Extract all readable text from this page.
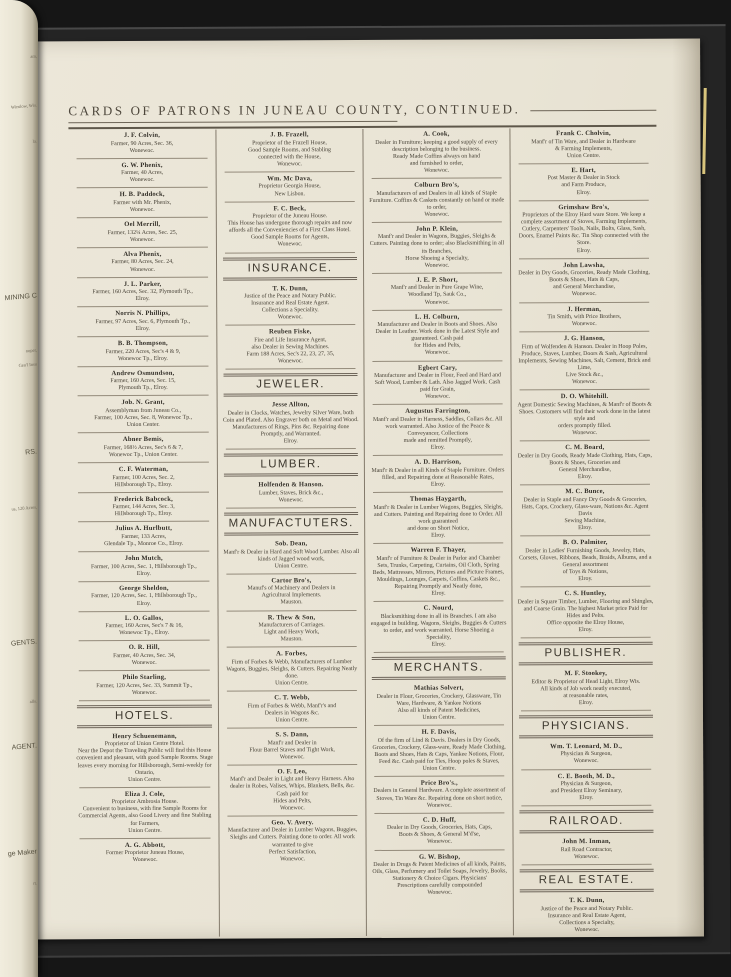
CARDS OF PATRONS IN JUNEAU COUNTY, CONTINUED.
J. F. Colvin,
Farmer, 90 Acres, Sec. 36,
Wonewoc.
G. W. Phenix,
Farmer, 40 Acres,
Wonewoc.
H. B. Paddock,
Farmer with Mr. Phenix,
Wonewoc.
Oel Merrill,
Farmer, 132¼ Acres, Sec. 25,
Wonewoc.
Alva Phenix,
Farmer, 80 Acres, Sec. 24,
Wonewoc.
J. L. Parker,
Farmer, 160 Acres, Sec. 32, Plymouth Tp.,
Elroy.
Norris N. Phillips,
Farmer, 97 Acres, Sec. 6, Plymouth Tp.,
Elroy.
B. B. Thompson,
Farmer, 220 Acres, Sec's 4 & 9,
Wonewoc Tp., Elroy.
Andrew Osmundson,
Farmer, 160 Acres, Sec. 15,
Plymouth Tp., Elroy.
Job. N. Grant,
Assemblyman from Juneau Co.,
Farmer, 100 Acres, Sec. 8, Wonewoc Tp.,
Union Center.
Abner Bemis,
Farmer, 168½ Acres, Sec's 6 & 7,
Wonewoc Tp., Union Center.
C. F. Waterman,
Farmer, 100 Acres, Sec. 2,
Hillsborough Tp., Elroy.
Frederick Babcock,
Farmer, 144 Acres, Sec. 3,
Hillsborough Tp., Elroy.
Julius A. Hurlbutt,
Farmer, 133 Acres,
Glendale Tp., Monroe Co., Elroy.
John Mutch,
Farmer, 100 Acres, Sec. 1, Hillsborough Tp.,
Elroy.
George Sheldon,
Farmer, 120 Acres, Sec. 1, Hillsborough Tp.,
Elroy.
L. O. Gallos,
Farmer, 160 Acres, Sec's 7 & 16,
Wonewoc Tp., Elroy.
O. R. Hill,
Farmer, 40 Acres, Sec. 34,
Wonewoc.
Philo Starling,
Farmer, 120 Acres, Sec. 33, Summit Tp.,
Wonewoc.
HOTELS.
Henry Schuenemann,
Proprietor of Union Centre Hotel.
Near the Depot the Traveling Public will find this House convenient and pleasant, with good Sample Rooms. Stage leaves every morning for Hillsborough, Semi-weekly for Ontario,
Union Centre.
Eliza J. Cole,
Proprietor Ambrosia House.
Convenient to business, with fine Sample Rooms for Commercial Agents, also Good Livery and fine Stabling for Farmers,
Union Centre.
A. G. Abbott,
Former Proprietor Juneau House,
Wonewoc.
J. B. Frazell,
Proprietor of the Frazell House,
Good Sample Rooms, and Stabling
connected with the House,
Wonewoc.
Wm. Mc Dava,
Proprietor Georgia House,
New Lisbon.
F. C. Beck,
Proprietor of the Juneau House.
This House has undergone thorough repairs and now affords all the Conveniencies of a First Class Hotel. Good Sample Rooms for Agents,
Wonewoc.
INSURANCE.
T. K. Dunn,
Justice of the Peace and Notary Public.
Insurance and Real Estate Agent.
Collections a Speciality.
Wonewoc.
Reuben Fiske,
Fire and Life Insurance Agent,
also Dealer in Sewing Machines.
Farm 188 Acres, Sec's 22, 23, 27, 35,
Wonewoc.
JEWELER.
Jesse Allton,
Dealer in Clocks, Watches, Jewelry Silver Ware, both Coin and Plated. Also Engraver both on Metal and Wood. Manufacturers of Rings, Pins &c. Repairing done Promptly, and Warranted.
Elroy.
LUMBER.
Holfenden & Hanson.
Lumber, Staves, Brick &c.,
Wonewoc.
MANUFACTUTERS.
Sob. Dean,
Manf'r & Dealer in Hard and Soft Wood Lumber. Also all kinds of Jagged wood work,
Union Centre.
Cartor Bro's,
Manuf's of Machinery and Dealers in
Agricultural Implements.
Mauston.
R. Thew & Son,
Manufacturers of Carriages.
Light and Heavy Work,
Mauston.
A. Forbes,
Firm of Forbes & Webb, Manufacturers of Lumber Wagons, Buggies, Sleighs, & Cutters. Repairing Neatly done.
Union Centre.
C. T. Webb,
Firm of Forbes & Webb, Manf'r's and
Dealers in Wagons &c.
Union Centre.
S. S. Dann,
Manf'r and Dealer in
Flour Barrel Staves and Tight Work,
Wonewoc.
O. F. Leo,
Manf'r and Dealer in Light and Heavy Harness. Also dealer in Robes, Valises, Whips, Blankets, Bells, &c. Cash paid for
Hides and Pelts,
Wonewoc.
Geo. V. Avery.
Manufacturer and Dealer in Lumber Wagons, Buggies, Sleighs and Cutters. Painting done to order. All work warranted to give
Perfect Satisfaction,
Wonewoc.
A. Cook,
Dealer in Furniture; keeping a good supply of every description belonging to the business.
Ready Made Coffins always on hand
and furnished to order,
Wonewoc.
Colburn Bro's,
Manufacturers of and Dealers in all kinds of Staple Furniture. Coffins & Caskets constantly on hand or made to order,
Wonewoc.
John P. Klein,
Manf'r and Dealer in Wagons, Buggies, Sleighs & Cutters. Painting done to order; also Blacksmithing in all its Branches,
Horse Shoeing a Specialty,
Wonewoc.
J. E. P. Short,
Manf'r and Dealer in Pure Grape Wine,
Woodland Tp, Sauk Co.,
Wonewoc.
L. H. Colburn,
Manufacturer and Dealer in Boots and Shoes. Also Dealer in Leather. Work done in the Latest Style and guaranteed. Cash paid
for Hides and Pelts,
Wonewoc.
Egbert Cary,
Manufacturer and Dealer in Flour, Feed and Hard and Soft Wood, Lumber & Lath. Also Jagged Work. Cash paid for Grain,
Wonewoc.
Augustus Farrington,
Manf'r and Dealer in Harness, Saddles, Collars &c. All work warranted. Also Justice of the Peace & Conveyancer, Collections
made and remitted Promptly,
Elroy.
A. D. Harrison,
Manf'r & Dealer in all Kinds of Staple Furniture. Orders filled, and Repairing done at Reasonable Rates,
Elroy.
Thomas Haygarth,
Manf'r & Dealer in Lumber Wagons, Buggies, Sleighs, and Cutters. Painting and Repairing done to Order. All work guaranteed
and done on Short Notice,
Elroy.
Warren F. Thayer,
Manf'r of Furniture & Dealer in Parlor and Chamber Sets, Trunks, Carpeting, Curtains, Oil Cloth, Spring Beds, Mattresses, Mirrors, Pictures and Picture Frames, Mouldings, Lounges, Carpets, Coffins, Caskets &c.,
Repairing Promptly and Neatly done,
Elroy.
C. Nourd,
Blacksmithing done in all its Branches. I am also engaged in building. Wagons, Sleighs, Buggies & Cutters to order, and work warranted. Horse Shoeing a Speciality,
Elroy.
MERCHANTS.
Mathias Solvert,
Dealer in Flour, Groceries, Crockery, Glassware, Tin Ware, Hardware, & Yankee Notions
Also all kinds of Patent Medicines,
Union Centre.
H. F. Davis,
Of the firm of Lind & Davis. Dealers in Dry Goods, Groceries, Crockery, Glass-ware, Ready Made Clothing, Boots and Shoes, Hats & Caps, Yankee Notions, Flour, Feed &c. Cash paid for Ties, Hoop poles & Staves,
Union Centre.
Price Bro's.,
Dealers in General Hardware. A complete assortment of Stoves, Tin Ware &c. Repairing done on short notice,
Wonewoc.
C. D. Huff,
Dealer in Dry Goods, Groceries, Hats, Caps,
Boots & Shoes, & General M'd'se,
Wonewoc.
G. W. Bishop,
Dealer in Drugs & Patent Medicines of all kinds, Paints, Oils, Glass, Perfumery and Toilet Soaps, Jewelry, Books, Stationery & Choice Cigars. Physicians'
Prescriptions carefully compounded
Wonewoc.
Frank C. Cholvin,
Manf'r of Tin Ware, and Dealer in Hardware
& Farming Implements,
Union Centre.
E. Hart,
Post Master & Dealer in Stock
and Farm Produce,
Elroy.
Grimshaw Bro's,
Proprietors of the Elroy Hard ware Store. We keep a complete assortment of Stoves, Farming Implements, Cutlery, Carpenters' Tools, Nails, Bolts, Glass, Sash, Doors, Enamel Paints &c. Tin Shop connected with the Store.
Elroy.
John Lawsha,
Dealer in Dry Goods, Groceries, Ready Made Clothing, Boots & Shoes, Hats & Caps,
and General Merchandise,
Wonewoc.
J. Herman,
Tin Smith, with Price Brothers,
Wonewoc.
J. G. Hanson,
Firm of Wolfenden & Hanson. Dealer in Hoop Poles, Produce, Staves, Lumber, Doors & Sash, Agricultural Implements, Sewing Machines, Salt, Cement, Brick and Lime,
Live Stock &c.,
Wonewoc.
D. O. Whitehill.
Agent Domestic Sewing Machines, & Manf'r of Boots & Shoes. Customers will find their work done in the latest style and
orders promptly filled.
Wonewoc.
C. M. Board,
Dealer in Dry Goods, Ready Made Clothing, Hats, Caps, Boots & Shoes, Groceries and
General Merchandise,
Elroy.
M. C. Bunce,
Dealer in Staple and Fancy Dry Goods & Groceries, Hats, Caps, Crockery, Glass-ware, Notions &c. Agent Davis
Sewing Machine,
Elroy.
B. O. Palmiter,
Dealer in Ladies' Furnishing Goods, Jewelry, Hats, Corsets, Gloves, Ribbons, Beads, Braids, Albums, and a General assortment
of Toys & Notions,
Elroy.
C. S. Huntley,
Dealer in Square Timber, Lumber, Flooring and Shingles, and Coarse Grain. The highest Market price Paid for Hides and Pelts.
Office opposite the Elroy House,
Elroy.
PUBLISHER.
M. F. Stookey,
Editor & Proprietor of Head Light, Elroy Wis.
All kinds of Job work neatly executed,
at reasonable rates,
Elroy.
PHYSICIANS.
Wm. T. Leonard, M. D.,
Physician & Surgeon,
Wonewoc.
C. E. Booth, M. D.,
Physician & Surgeon,
and President Elroy Seminary,
Elroy.
RAILROAD.
John M. Inman,
Rail Road Contractor,
Wonewoc.
REAL ESTATE.
T. K. Dunn,
Justice of the Peace and Notary Public.
Insurance and Real Estate Agent,
Collections a Specialty,
Wonewoc.
am,
Winslow, Wis.
la.
MINING C
ooper,
Gen'l Insu
RS.
us, 120 Acres,
GENTS.
alls.
AGENT.
ge Maker
rt.
